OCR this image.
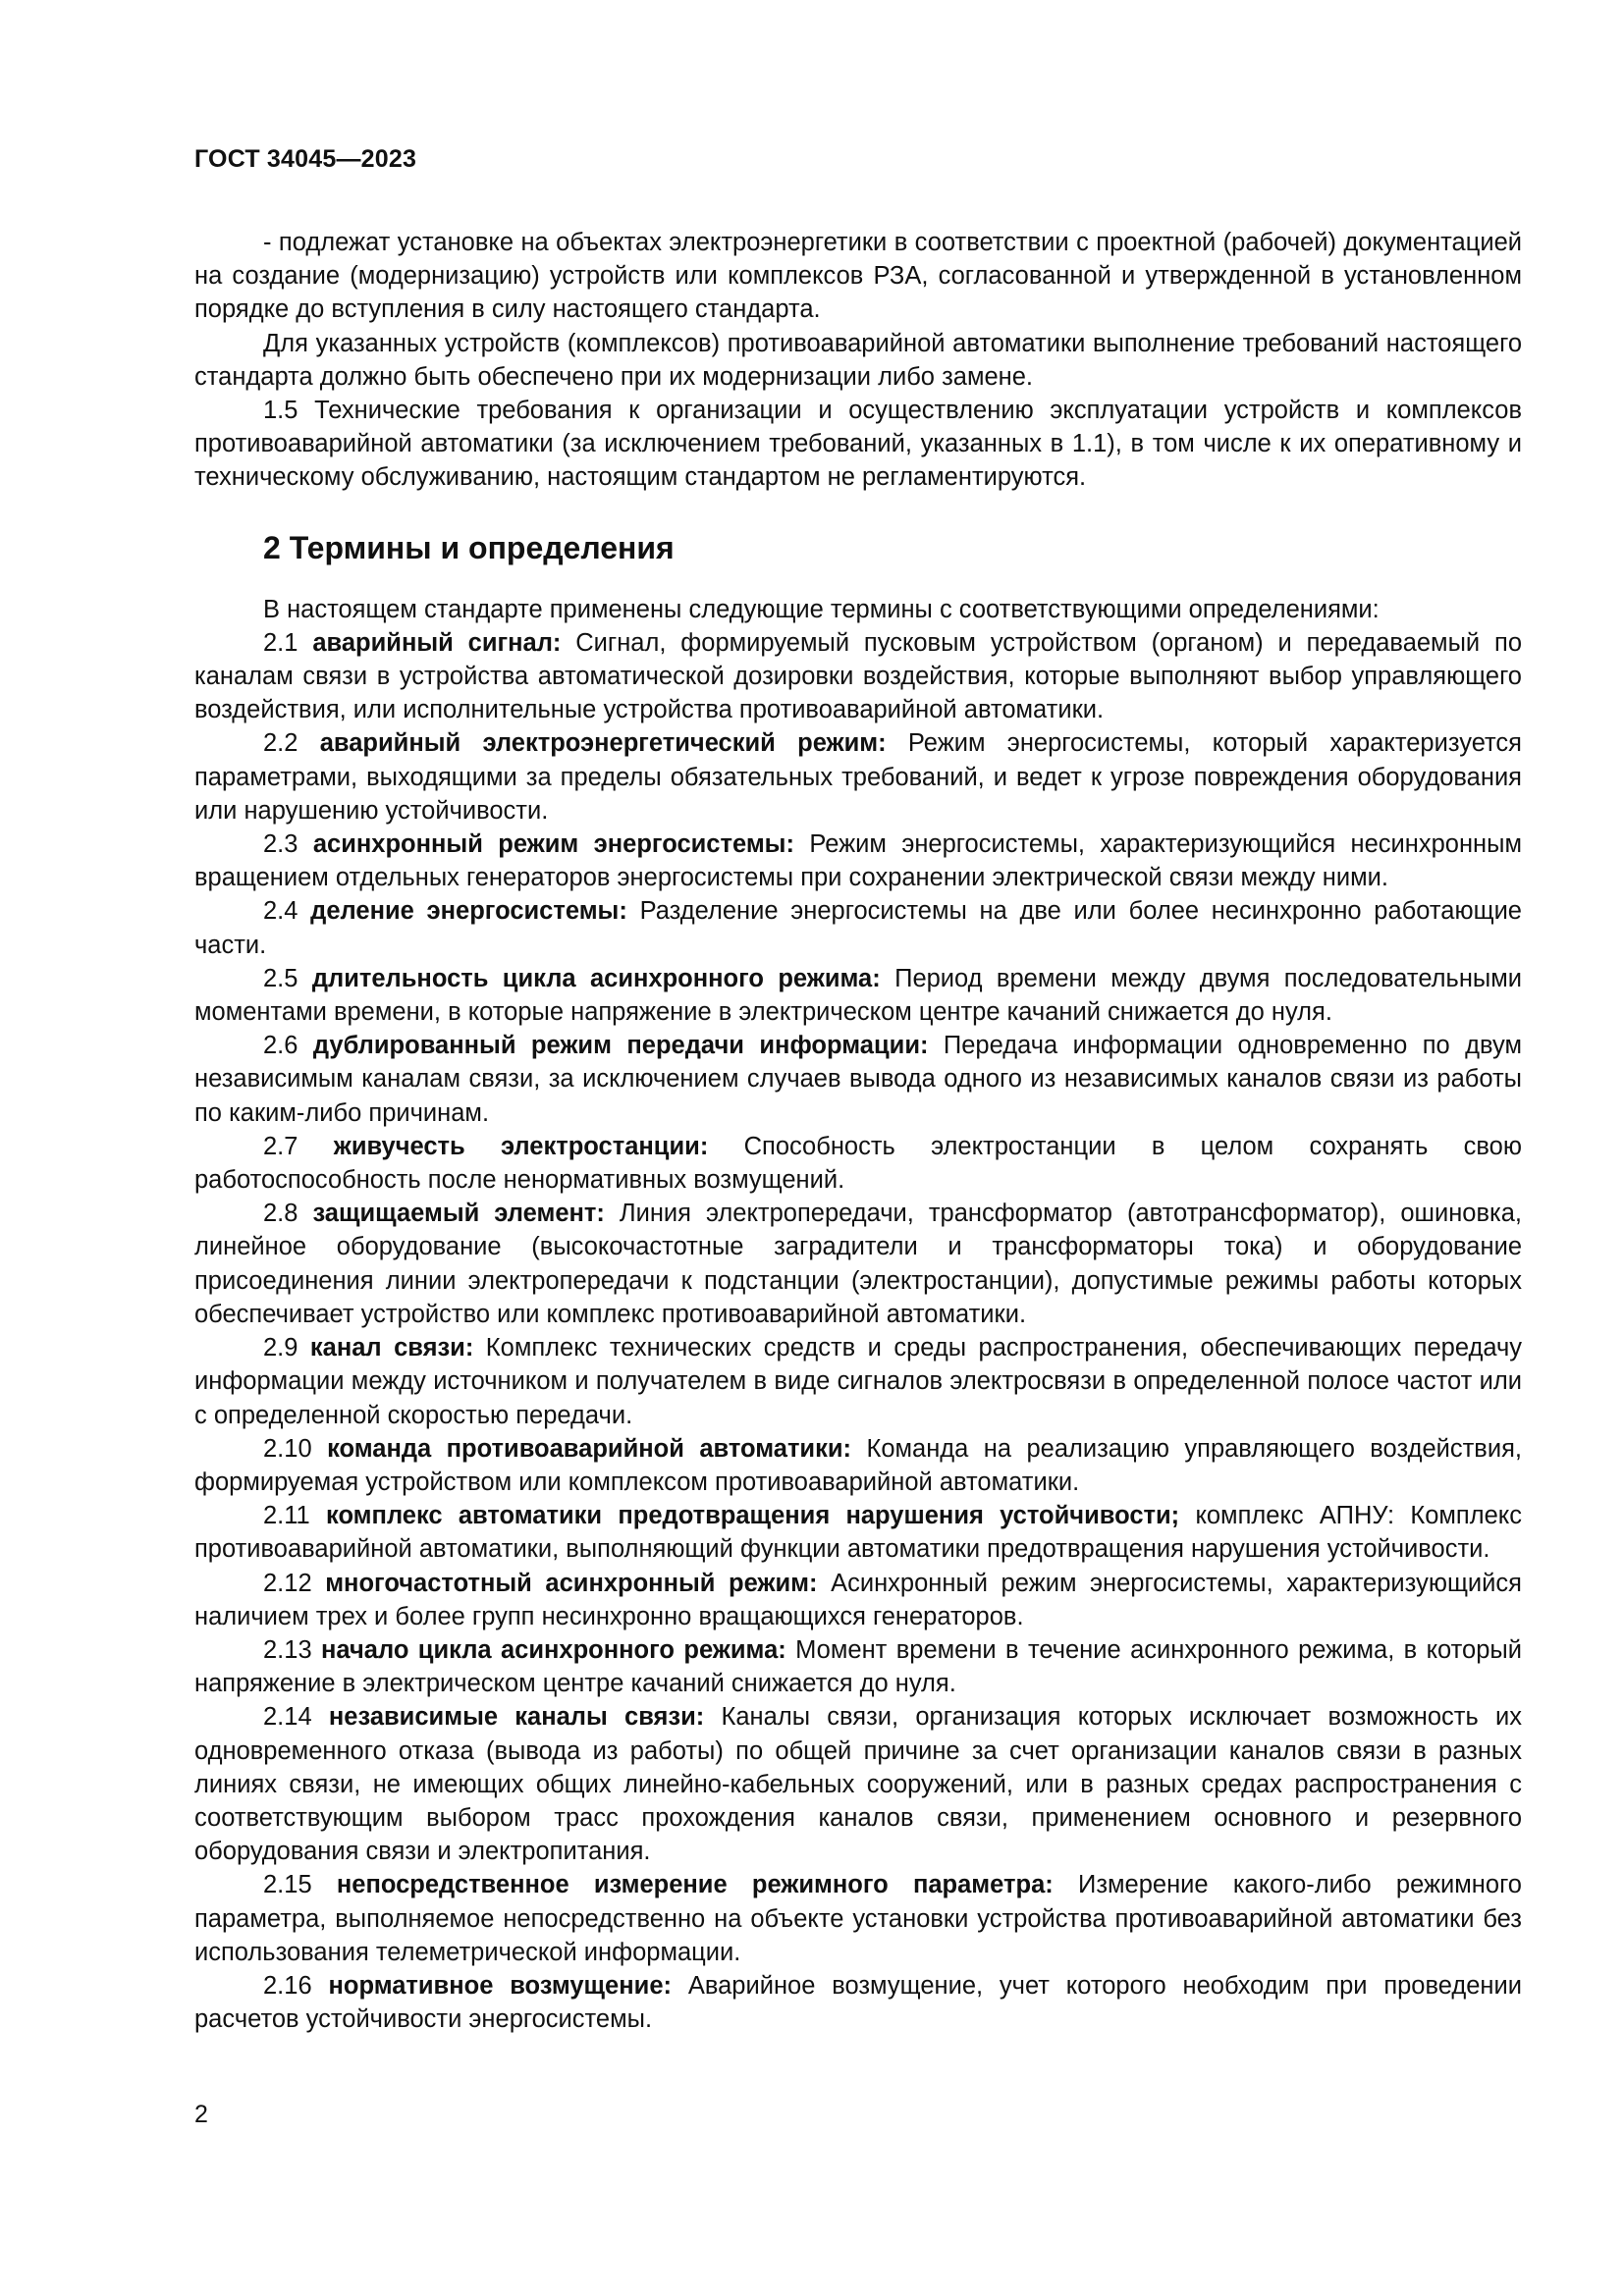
ГОСТ 34045—2023

- подлежат установке на объектах электроэнергетики в соответствии с проектной (рабочей) документацией на создание (модернизацию) устройств или комплексов РЗА, согласованной и утвержденной в установленном порядке до вступления в силу настоящего стандарта.

Для указанных устройств (комплексов) противоаварийной автоматики выполнение требований настоящего стандарта должно быть обеспечено при их модернизации либо замене.

1.5 Технические требования к организации и осуществлению эксплуатации устройств и комплексов противоаварийной автоматики (за исключением требований, указанных в 1.1), в том числе к их оперативному и техническому обслуживанию, настоящим стандартом не регламентируются.

2 Термины и определения

В настоящем стандарте применены следующие термины с соответствующими определениями:

2.1 аварийный сигнал: Сигнал, формируемый пусковым устройством (органом) и передаваемый по каналам связи в устройства автоматической дозировки воздействия, которые выполняют выбор управляющего воздействия, или исполнительные устройства противоаварийной автоматики.

2.2 аварийный электроэнергетический режим: Режим энергосистемы, который характеризуется параметрами, выходящими за пределы обязательных требований, и ведет к угрозе повреждения оборудования или нарушению устойчивости.

2.3 асинхронный режим энергосистемы: Режим энергосистемы, характеризующийся несинхронным вращением отдельных генераторов энергосистемы при сохранении электрической связи между ними.

2.4 деление энергосистемы: Разделение энергосистемы на две или более несинхронно работающие части.

2.5 длительность цикла асинхронного режима: Период времени между двумя последовательными моментами времени, в которые напряжение в электрическом центре качаний снижается до нуля.

2.6 дублированный режим передачи информации: Передача информации одновременно по двум независимым каналам связи, за исключением случаев вывода одного из независимых каналов связи из работы по каким-либо причинам.

2.7 живучесть электростанции: Способность электростанции в целом сохранять свою работоспособность после ненормативных возмущений.

2.8 защищаемый элемент: Линия электропередачи, трансформатор (автотрансформатор), ошиновка, линейное оборудование (высокочастотные заградители и трансформаторы тока) и оборудование присоединения линии электропередачи к подстанции (электростанции), допустимые режимы работы которых обеспечивает устройство или комплекс противоаварийной автоматики.

2.9 канал связи: Комплекс технических средств и среды распространения, обеспечивающих передачу информации между источником и получателем в виде сигналов электросвязи в определенной полосе частот или с определенной скоростью передачи.

2.10 команда противоаварийной автоматики: Команда на реализацию управляющего воздействия, формируемая устройством или комплексом противоаварийной автоматики.

2.11 комплекс автоматики предотвращения нарушения устойчивости; комплекс АПНУ: Комплекс противоаварийной автоматики, выполняющий функции автоматики предотвращения нарушения устойчивости.

2.12 многочастотный асинхронный режим: Асинхронный режим энергосистемы, характеризующийся наличием трех и более групп несинхронно вращающихся генераторов.

2.13 начало цикла асинхронного режима: Момент времени в течение асинхронного режима, в который напряжение в электрическом центре качаний снижается до нуля.

2.14 независимые каналы связи: Каналы связи, организация которых исключает возможность их одновременного отказа (вывода из работы) по общей причине за счет организации каналов связи в разных линиях связи, не имеющих общих линейно-кабельных сооружений, или в разных средах распространения с соответствующим выбором трасс прохождения каналов связи, применением основного и резервного оборудования связи и электропитания.

2.15 непосредственное измерение режимного параметра: Измерение какого-либо режимного параметра, выполняемое непосредственно на объекте установки устройства противоаварийной автоматики без использования телеметрической информации.

2.16 нормативное возмущение: Аварийное возмущение, учет которого необходим при проведении расчетов устойчивости энергосистемы.

2
